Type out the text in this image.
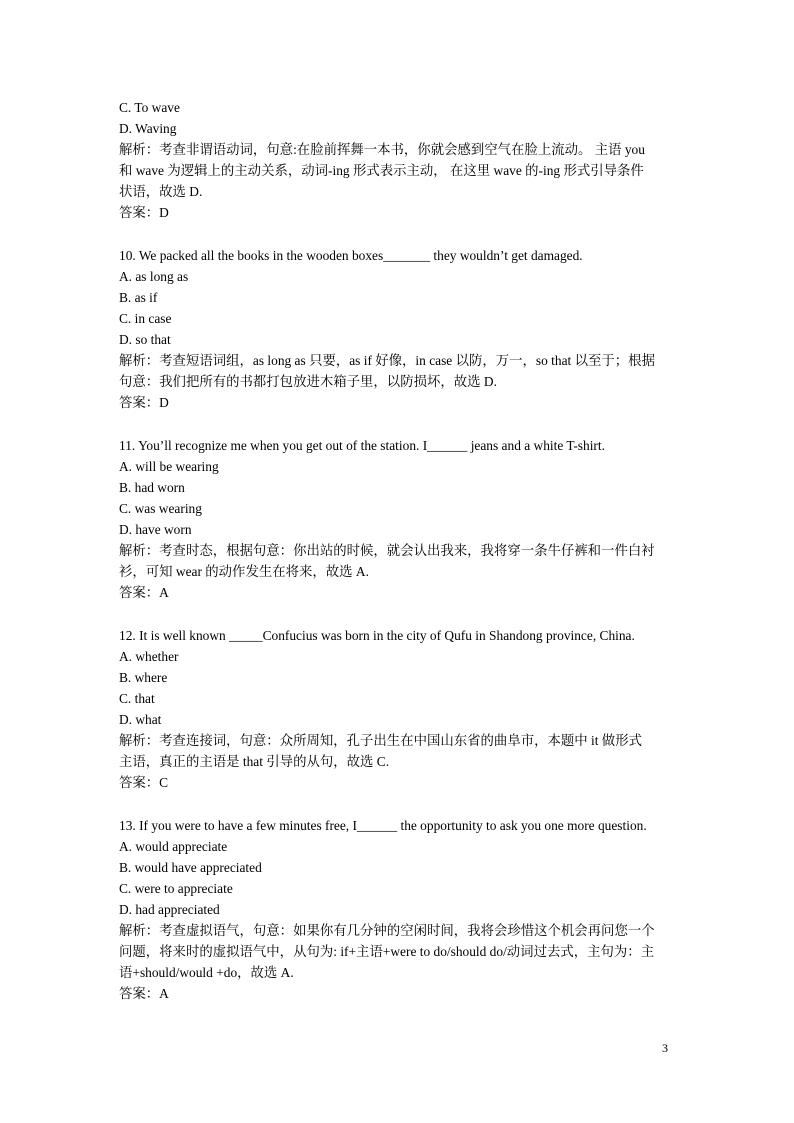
C. To wave
D. Waving
解析：考查非谓语动词，句意:在脸前挥舞一本书，你就会感到空气在脸上流动。 主语 you
和 wave 为逻辑上的主动关系，动词-ing 形式表示主动， 在这里 wave 的-ing 形式引导条件
状语，故选 D.
答案：D
10. We packed all the books in the wooden boxes_______ they wouldn’t get damaged.
A. as long as
B. as if
C. in case
D. so that
解析：考查短语词组，as long as 只要，as if 好像，in case 以防，万一，so that 以至于；根据
句意：我们把所有的书都打包放进木箱子里，以防损坏，故选 D.
答案：D
11. You’ll recognize me when you get out of the station. I______ jeans and a white T-shirt.
A. will be wearing
B. had worn
C. was wearing
D. have worn
解析：考查时态，根据句意：你出站的时候，就会认出我来，我将穿一条牛仔裤和一件白衬
衫，可知 wear 的动作发生在将来，故选 A.
答案：A
12. It is well known _____Confucius was born in the city of Qufu in Shandong province, China.
A. whether
B. where
C. that
D. what
解析：考查连接词，句意：众所周知，孔子出生在中国山东省的曲阜市，本题中 it 做形式
主语，真正的主语是 that 引导的从句，故选 C.
答案：C
13. If you were to have a few minutes free, I______ the opportunity to ask you one more question.
A. would appreciate
B. would have appreciated
C. were to appreciate
D. had appreciated
解析：考查虚拟语气，句意：如果你有几分钟的空闲时间，我将会珍惜这个机会再问您一个
问题，将来时的虚拟语气中，从句为: if+主语+were to do/should do/动词过去式，主句为：主
语+should/would +do，故选 A.
答案：A
3
